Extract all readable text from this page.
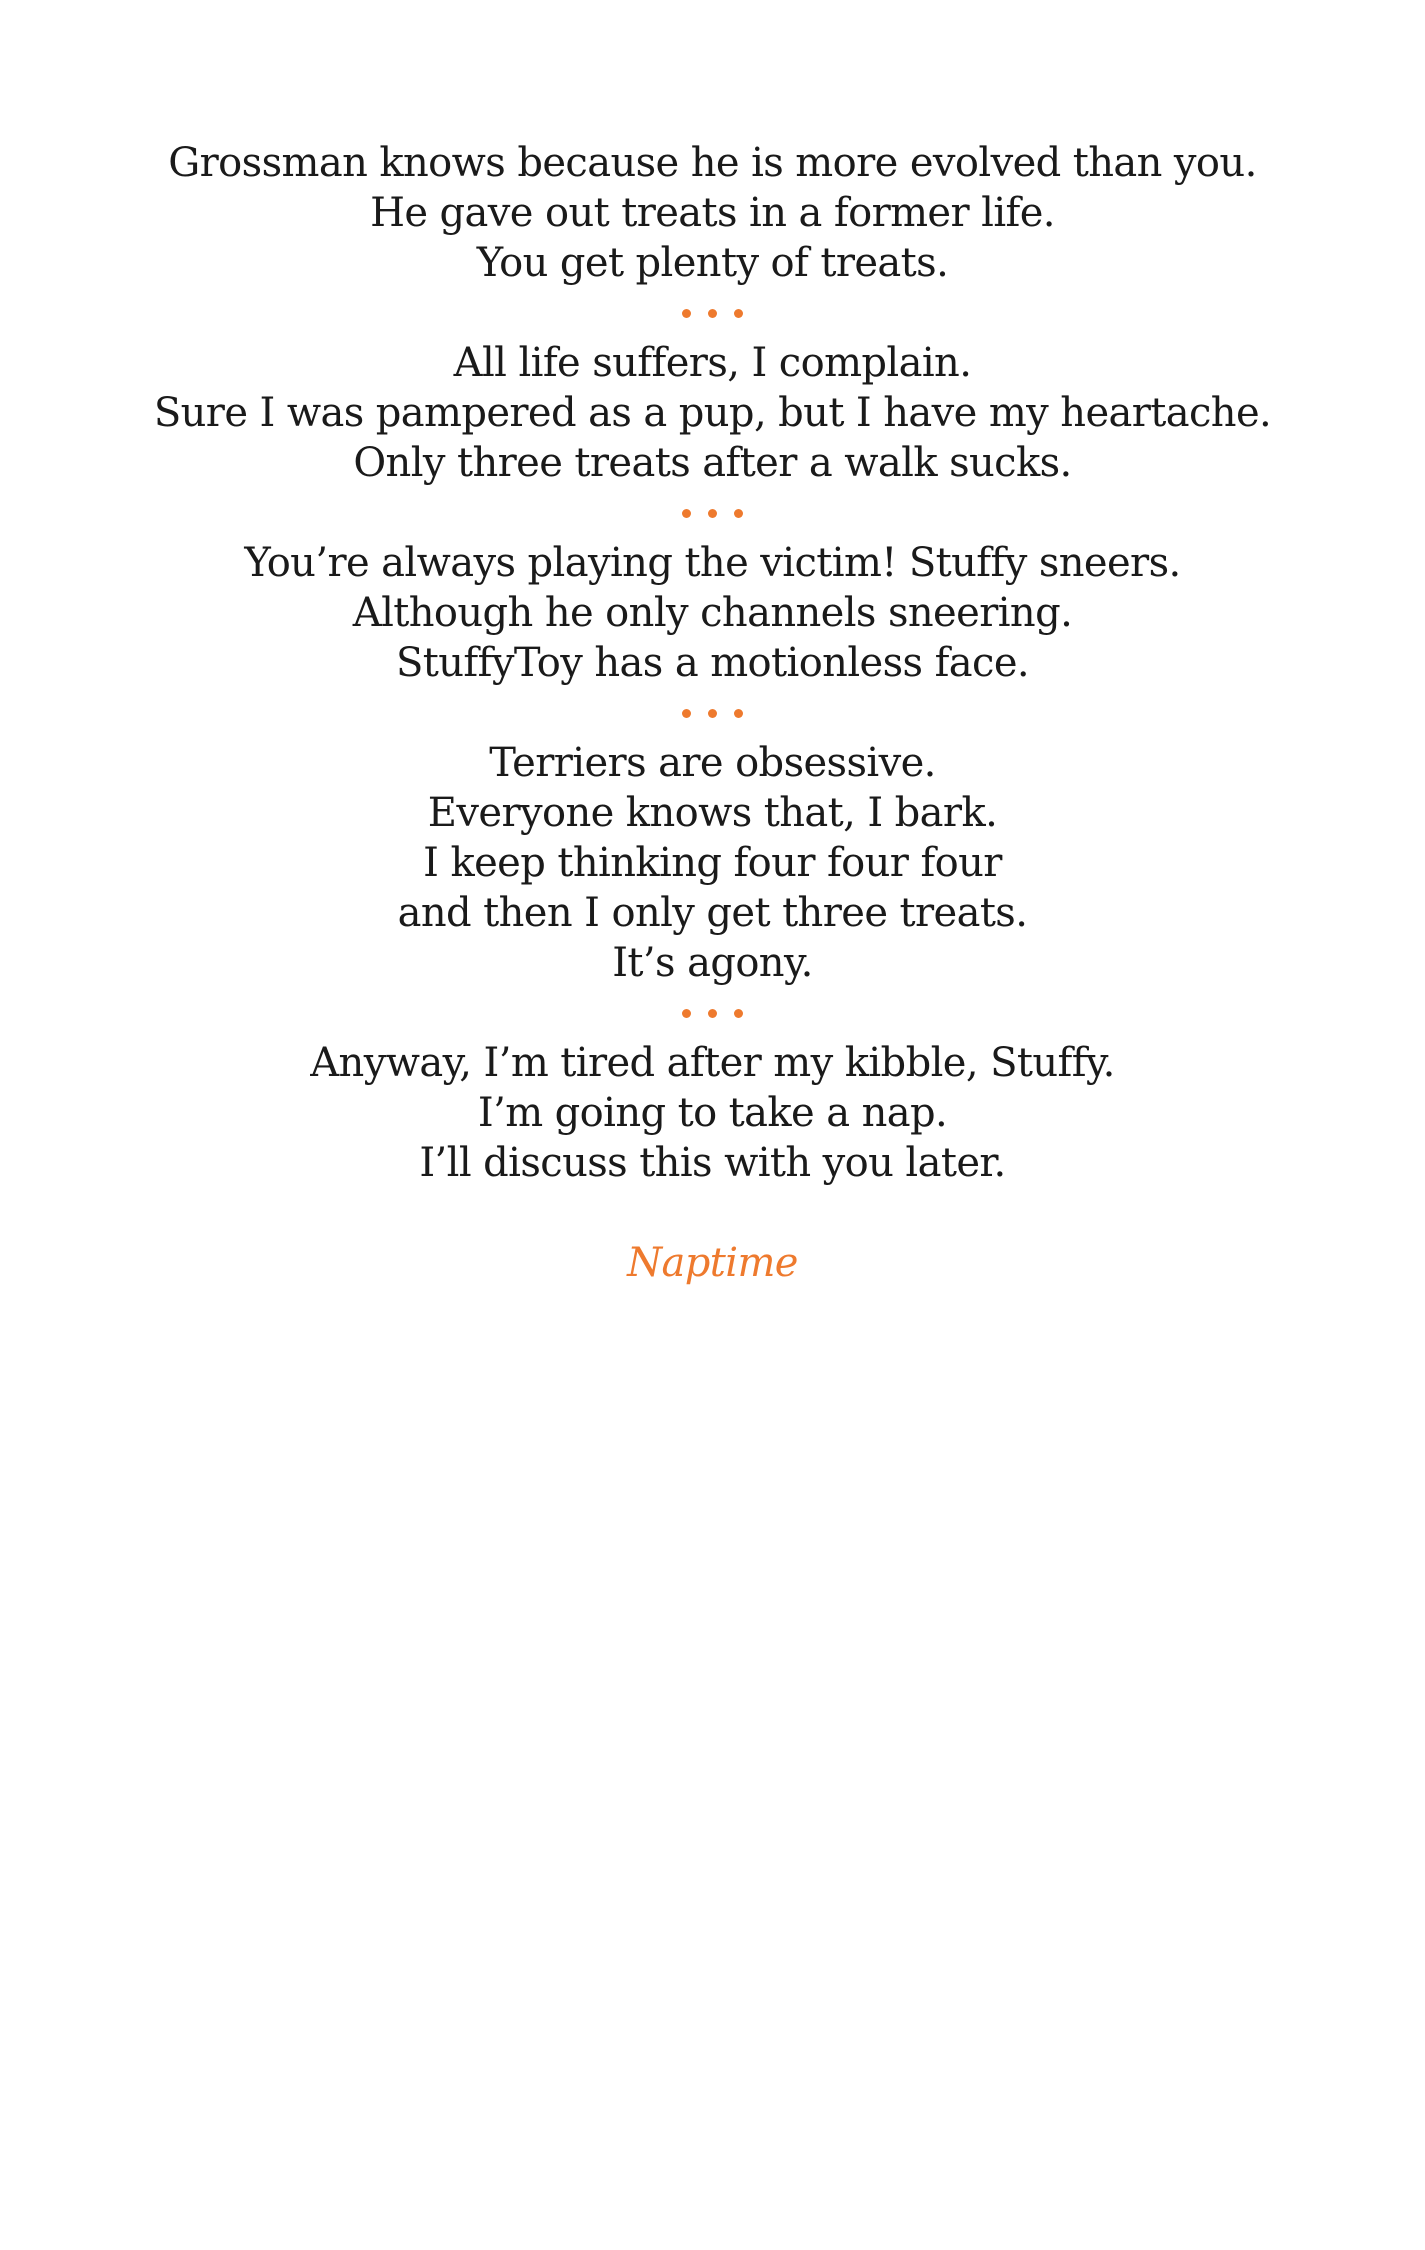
Grossman knows because he is more evolved than you.
He gave out treats in a former life.
You get plenty of treats.
All life suffers, I complain.
Sure I was pampered as a pup, but I have my heartache.
Only three treats after a walk sucks.
You’re always playing the victim! Stuffy sneers.
Although he only channels sneering.
StuffyToy has a motionless face.
Terriers are obsessive.
Everyone knows that, I bark.
I keep thinking four four four
and then I only get three treats.
It’s agony.
Anyway, I’m tired after my kibble, Stuffy.
I’m going to take a nap.
I’ll discuss this with you later.
Naptime
